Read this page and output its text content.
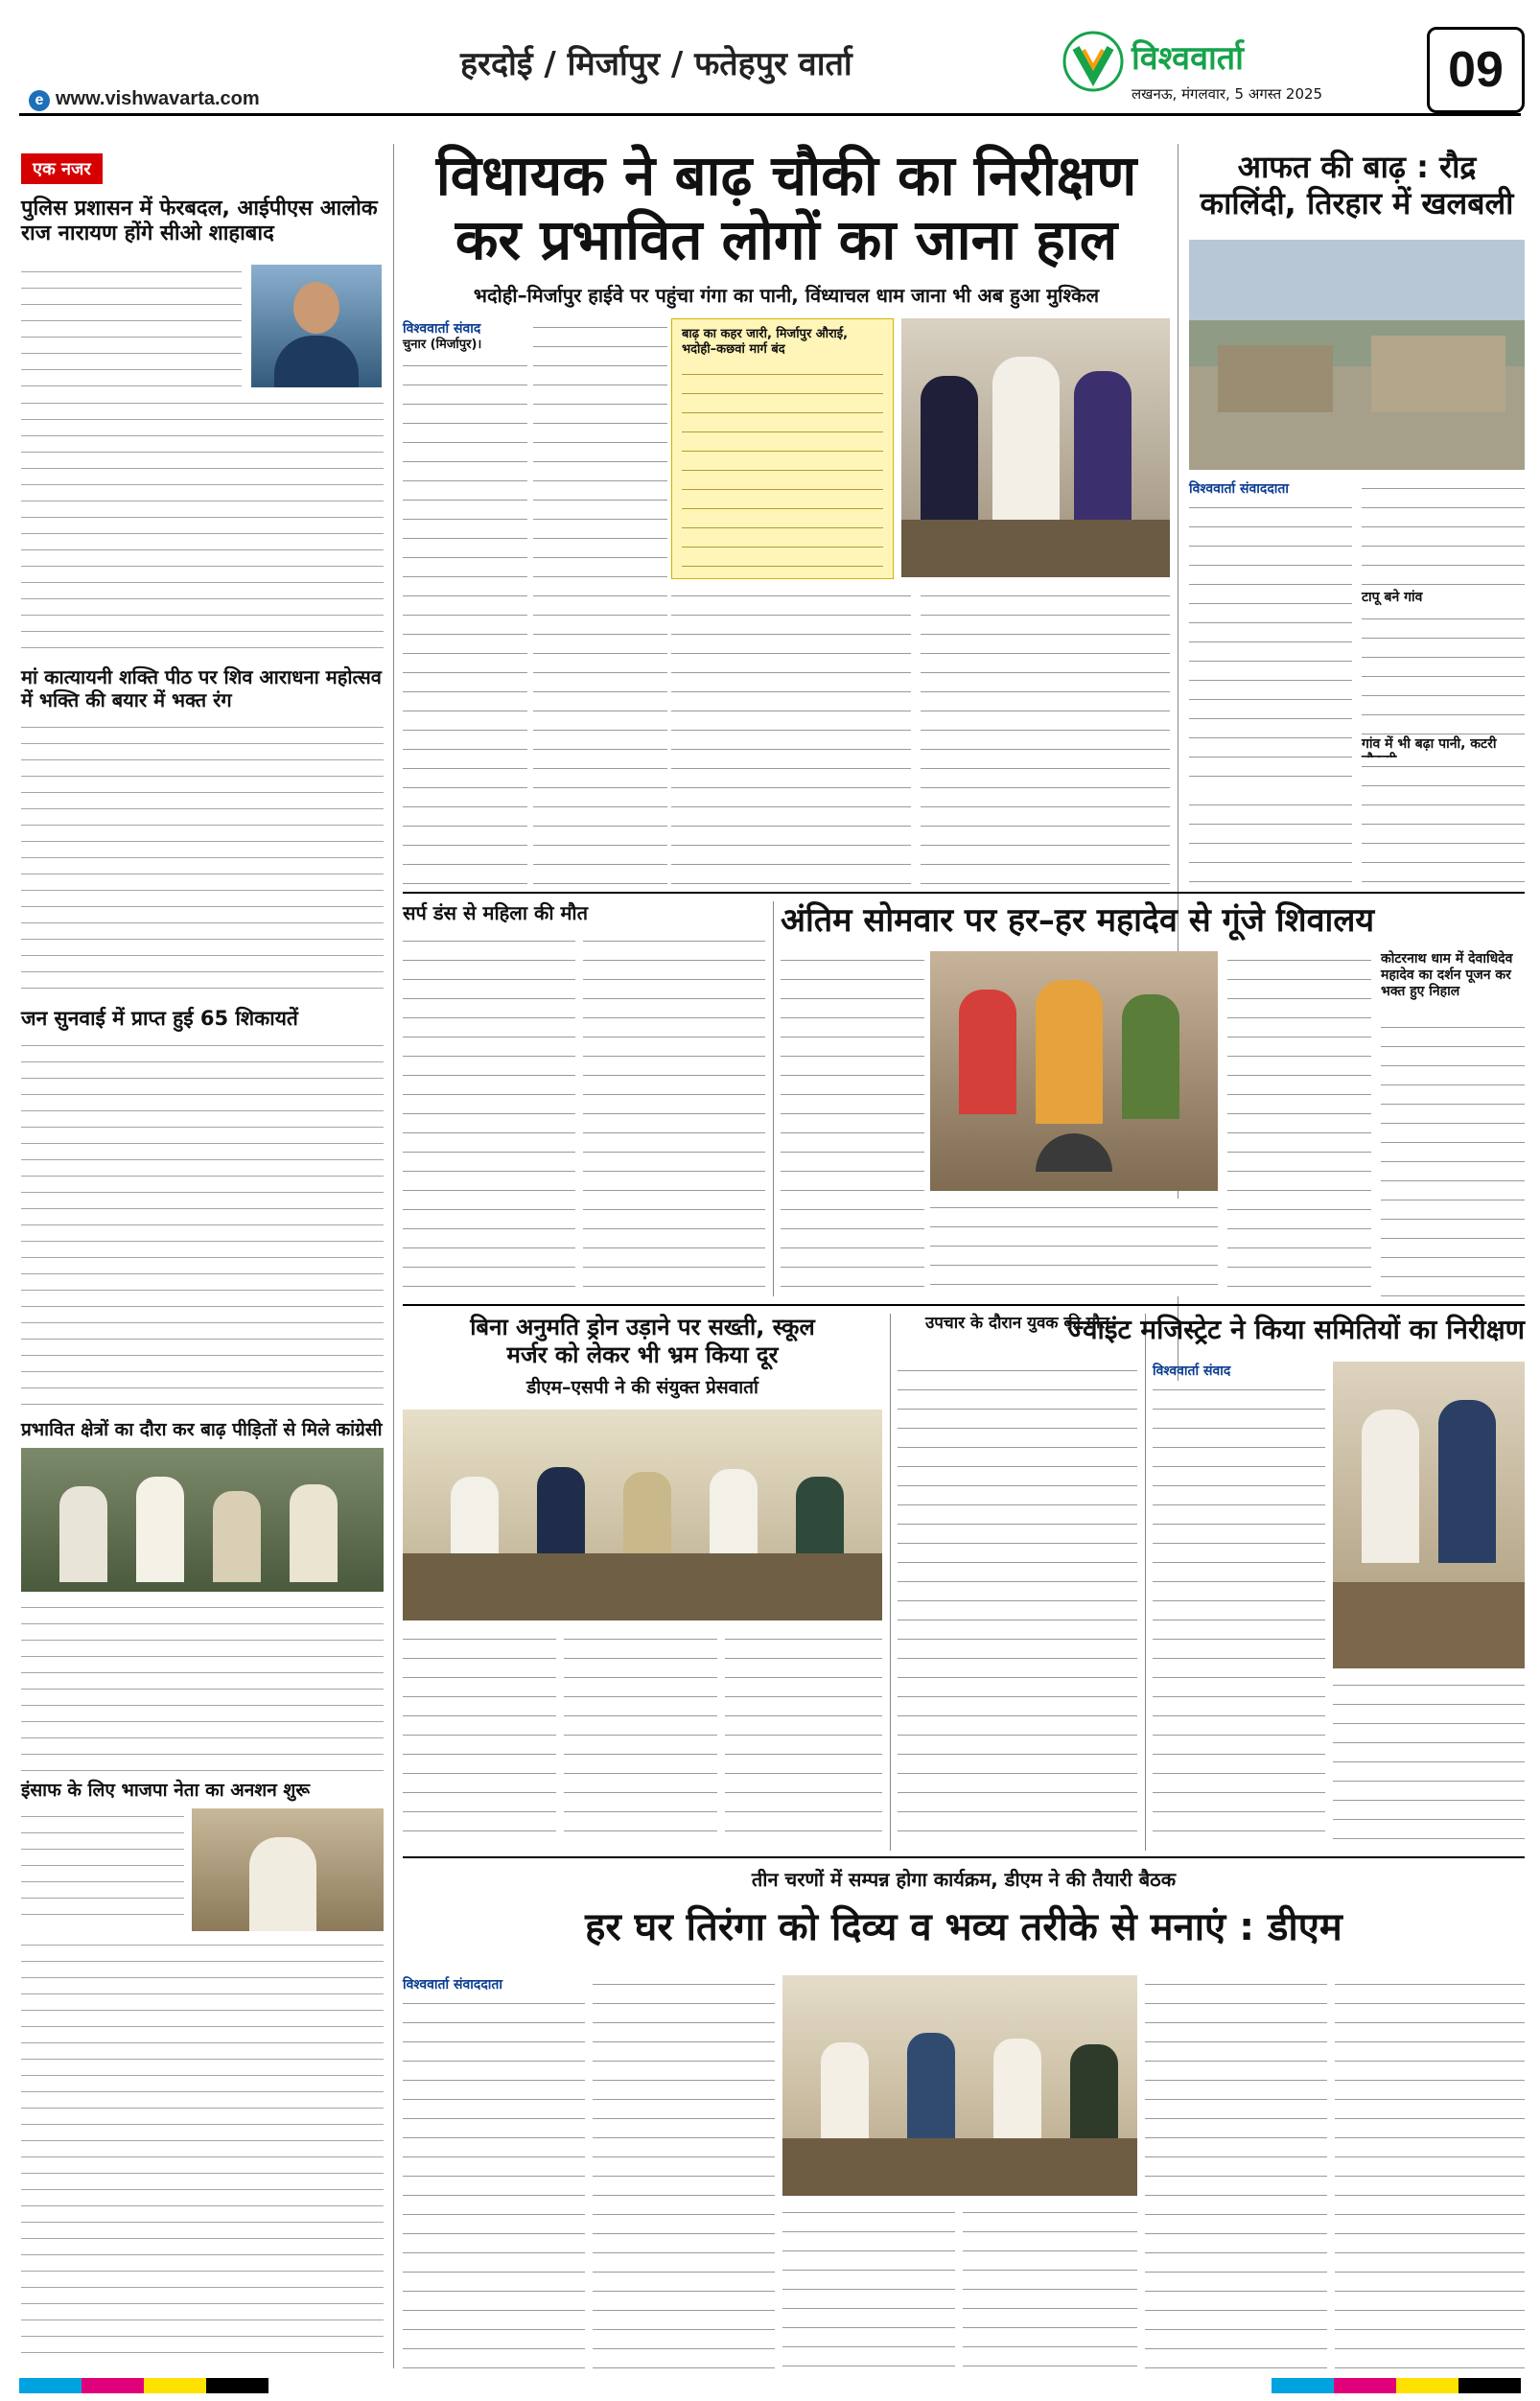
हरदोई / मिर्जापुर / फतेहपुर वार्ता
e www.vishwavarta.com
विश्ववार्ता
लखनऊ, मंगलवार, 5 अगस्त 2025	09
एक नजर
पुलिस प्रशासन में फेरबदल, आईपीएस आलोक राज नारायण होंगे सीओ शाहाबाद
मां कात्यायनी शक्ति पीठ पर शिव आराधना महोत्सव में भक्ति की बयार में भक्त रंग
जन सुनवाई में प्राप्त हुई 65 शिकायतें
प्रभावित क्षेत्रों का दौरा कर बाढ़ पीड़ितों से मिले कांग्रेसी
इंसाफ के लिए भाजपा नेता का अनशन शुरू
विधायक ने बाढ़ चौकी का निरीक्षण
कर प्रभावित लोगों का जाना हाल
भदोही–मिर्जापुर हाईवे पर पहुंचा गंगा का पानी, विंध्याचल धाम जाना भी अब हुआ मुश्किल
विश्ववार्ता संवाद
चुनार (मिर्जापुर)।
बाढ़ का कहर जारी, मिर्जापुर औराई, भदोही–कछवां मार्ग बंद
आफत की बाढ़ : रौद्र
कालिंदी, तिरहार में खलबली
विश्ववार्ता संवाददाता
टापू बने गांव
गांव में भी बढ़ा पानी, कटरी
सर्प डंस से महिला की मौत	अंतिम सोमवार पर हर–हर महादेव से गूंजे शिवालय
कोटरनाथ धाम में देवाधिदेव महादेव का दर्शन पूजन कर भक्त हुए निहाल
बिना अनुमति ड्रोन उड़ाने पर सख्ती, स्कूल
मर्जर को लेकर भी भ्रम किया दूर
डीएम–एसपी ने की संयुक्त प्रेसवार्ता
उपचार के दौरान युवक की मौत
ज्वाइंट मजिस्ट्रेट ने किया समितियों का निरीक्षण
विश्ववार्ता संवाद
तीन चरणों में सम्पन्न होगा कार्यक्रम, डीएम ने की तैयारी बैठक
हर घर तिरंगा को दिव्य व भव्य तरीके से मनाएं : डीएम
विश्ववार्ता संवाददाता
